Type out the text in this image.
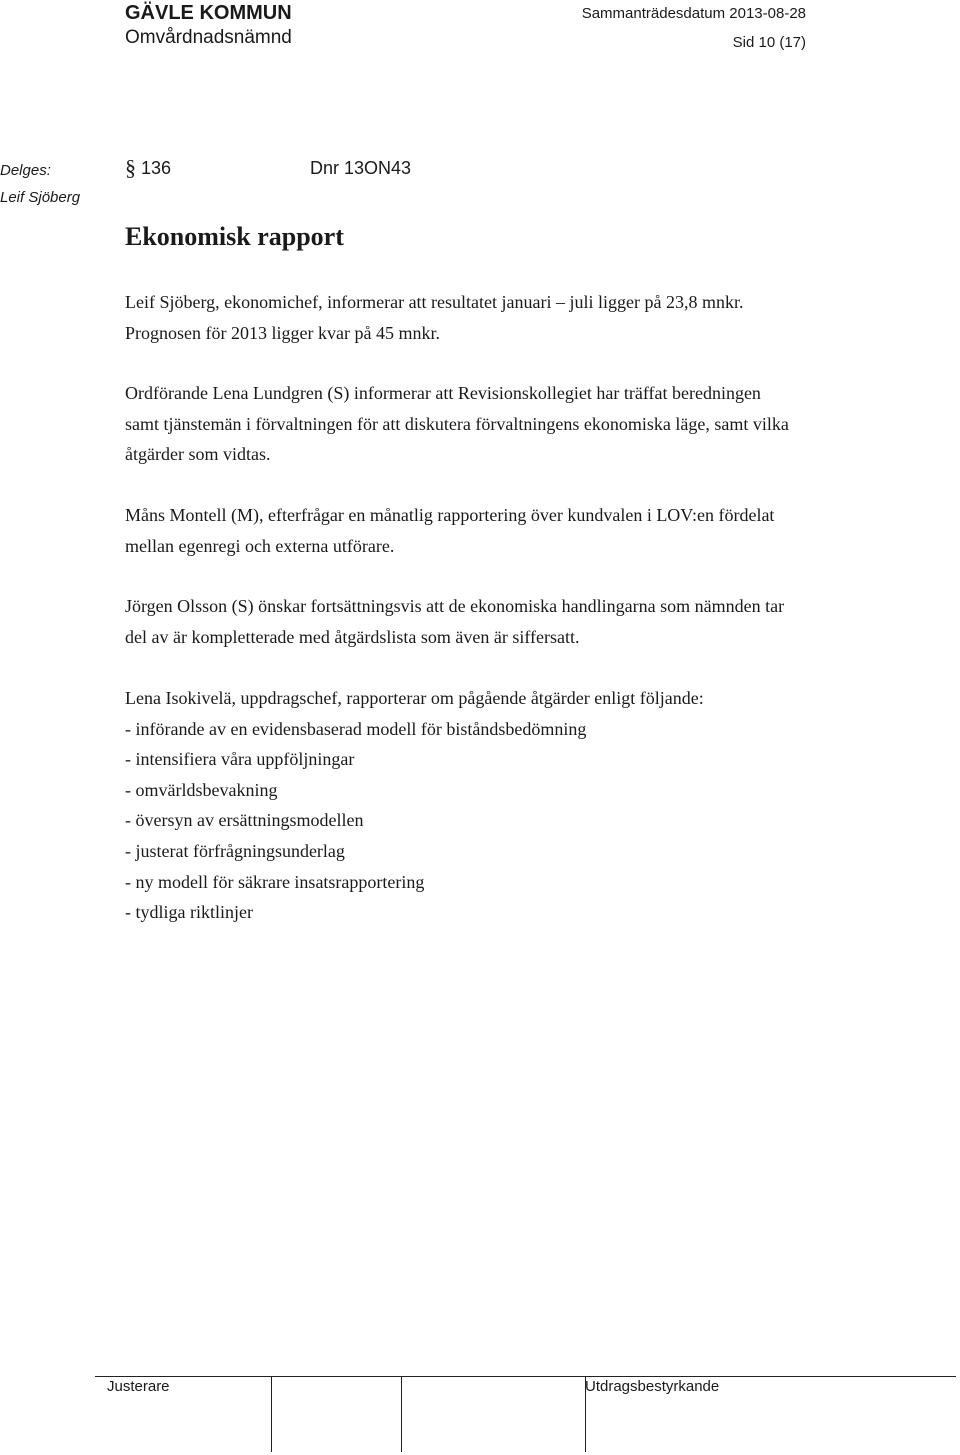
GÄVLE KOMMUN
Omvårdnadsnämnd
Sammanträdesdatum 2013-08-28
Sid 10 (17)
Delges:
Leif Sjöberg
§ 136	Dnr 13ON43
Ekonomisk rapport

Leif Sjöberg, ekonomichef, informerar att resultatet januari – juli ligger på 23,8 mnkr. Prognosen för 2013 ligger kvar på 45 mnkr.

Ordförande Lena Lundgren (S) informerar att Revisionskollegiet har träffat beredningen samt tjänstemän i förvaltningen för att diskutera förvaltningens ekonomiska läge, samt vilka åtgärder som vidtas.

Måns Montell (M), efterfrågar en månatlig rapportering över kundvalen i LOV:en fördelat mellan egenregi och externa utförare.

Jörgen Olsson (S) önskar fortsättningsvis att de ekonomiska handlingarna som nämnden tar del av är kompletterade med åtgärdslista som även är siffersatt.

Lena Isokivelä, uppdragschef, rapporterar om pågående åtgärder enligt följande:

- införande av en evidensbaserad modell för biståndsbedömning
- intensifiera våra uppföljningar
- omvärldsbevakning
- översyn av ersättningsmodellen
- justerat förfrågningsunderlag
- ny modell för säkrare insatsrapportering
- tydliga riktlinjer
Justerare	Utdragsbestyrkande
